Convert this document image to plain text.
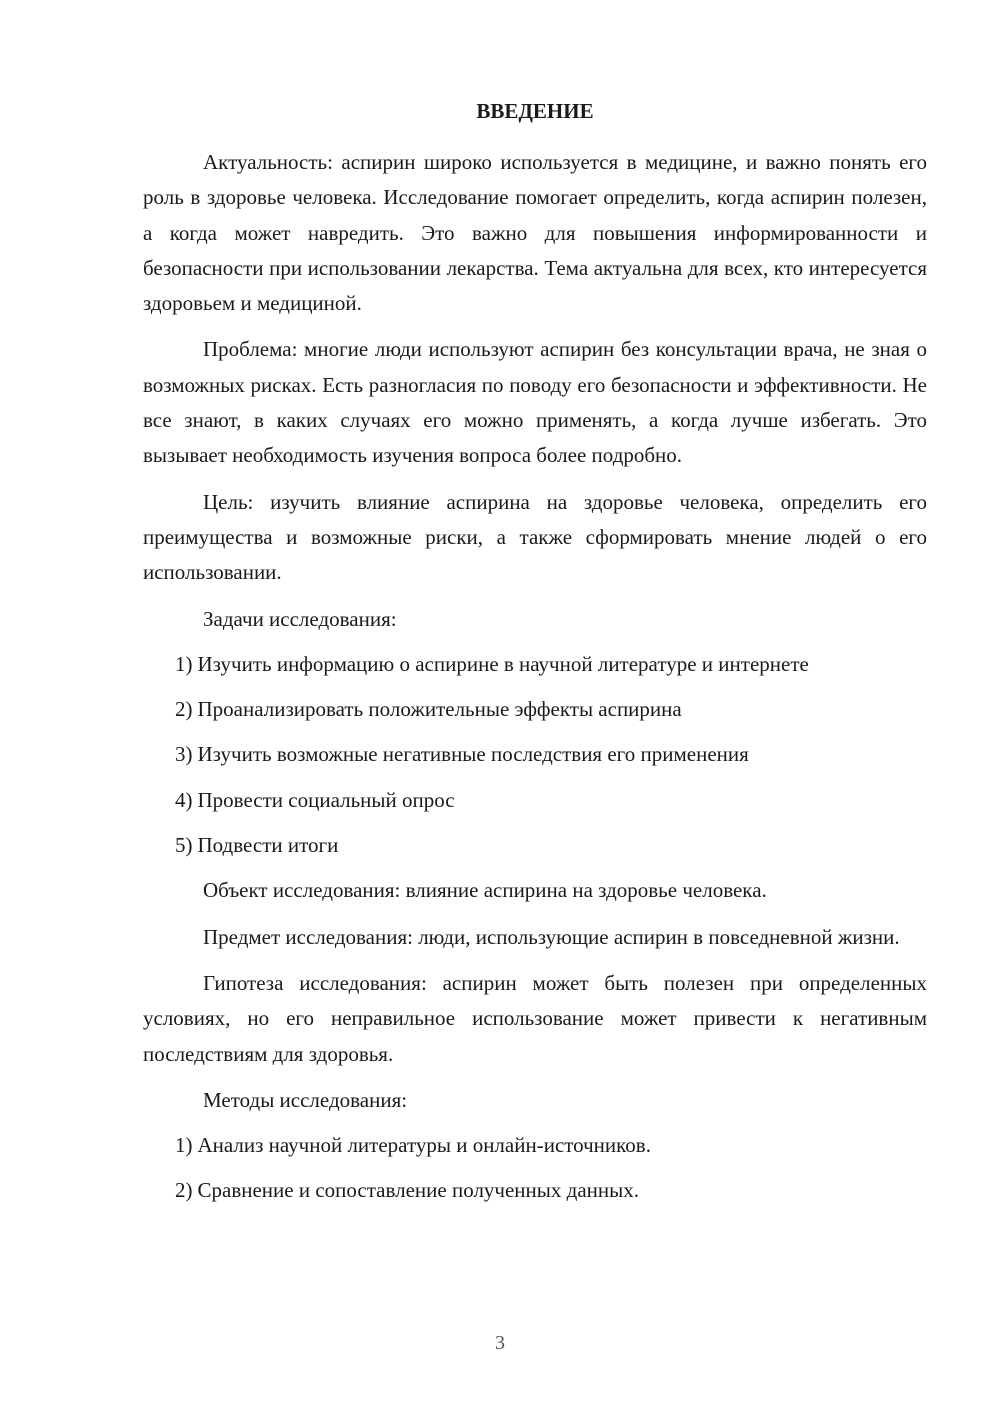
ВВЕДЕНИЕ

Актуальность: аспирин широко используется в медицине, и важно понять его роль в здоровье человека. Исследование помогает определить, когда аспирин полезен, а когда может навредить. Это важно для повышения информированности и безопасности при использовании лекарства. Тема актуальна для всех, кто интересуется здоровьем и медициной.

Проблема: многие люди используют аспирин без консультации врача, не зная о возможных рисках. Есть разногласия по поводу его безопасности и эффективности. Не все знают, в каких случаях его можно применять, а когда лучше избегать. Это вызывает необходимость изучения вопроса более подробно.

Цель: изучить влияние аспирина на здоровье человека, определить его преимущества и возможные риски, а также сформировать мнение людей о его использовании.

Задачи исследования:

1) Изучить информацию о аспирине в научной литературе и интернете
2) Проанализировать положительные эффекты аспирина
3) Изучить возможные негативные последствия его применения
4) Провести социальный опрос
5) Подвести итоги

Объект исследования: влияние аспирина на здоровье человека.

Предмет исследования: люди, использующие аспирин в повседневной жизни.

Гипотеза исследования: аспирин может быть полезен при определенных условиях, но его неправильное использование может привести к негативным последствиям для здоровья.

Методы исследования:

1) Анализ научной литературы и онлайн-источников.
2) Сравнение и сопоставление полученных данных.
3
